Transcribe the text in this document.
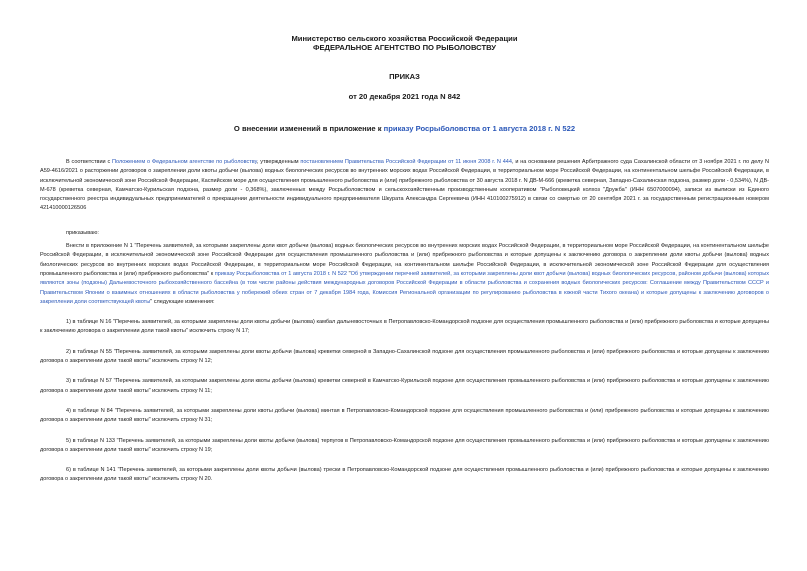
Министерство сельского хозяйства Российской Федерации
ФЕДЕРАЛЬНОЕ АГЕНТСТВО ПО РЫБОЛОВСТВУ
ПРИКАЗ
от 20 декабря 2021 года N 842
О внесении изменений в приложение к приказу Росрыболовства от 1 августа 2018 г. N 522

В соответствии с Положением о Федеральном агентстве по рыболовству, утвержденным постановлением Правительства Российской Федерации от 11 июня 2008 г. N 444, и на основании решения Арбитражного суда Сахалинской области от 3 ноября 2021 г. по делу N А59-4616/2021 о расторжении договоров о закреплении доли квоты добычи (вылова) водных биологических ресурсов во внутренних морских водах Российской Федерации, в территориальном море Российской Федерации, на континентальном шельфе Российской Федерации, в исключительной экономической зоне Российской Федерации, Каспийском море для осуществления промышленного рыболовства и (или) прибрежного рыболовства от 30 августа 2018 г. N ДВ-М-666 (креветка северная, Западно-Сахалинская подзона, размер доли - 0,534%), N ДВ-М-678 (креветка северная, Камчатско-Курильская подзона, размер доли - 0,368%), заключенных между Росрыболовством и сельскохозяйственным производственным кооперативом "Рыболовецкий колхоз "Дружба" (ИНН 6507000094), записи из выписки из Единого государственного реестра индивидуальных предпринимателей о прекращении деятельности индивидуального предпринимателя Шкурата Александра Сергеевича (ИНН 410100275912) в связи со смертью от 20 сентября 2021 г. за государственным регистрационным номером 421410000126506

приказываю:

Внести в приложение N 1 "Перечень заявителей, за которыми закреплены доли квот добычи (вылова) водных биологических ресурсов во внутренних морских водах Российской Федерации, в территориальном море Российской Федерации, на континентальном шельфе Российской Федерации, в исключительной экономической зоне Российской Федерации для осуществления промышленного рыболовства и (или) прибрежного рыболовства и которые допущены к заключению договора о закреплении доли квоты добычи (вылова) водных биологических ресурсов во внутренних морских водах Российской Федерации, в территориальном море Российской Федерации, на континентальном шельфе Российской Федерации, в исключительной экономической зоне Российской Федерации для осуществления промышленного рыболовства и (или) прибрежного рыболовства" к приказу Росрыболовства от 1 августа 2018 г. N 522 "Об утверждении перечней заявителей, за которыми закреплены доли квот добычи (вылова) водных биологических ресурсов, районом добычи (вылова) которых являются зоны (подзоны) Дальневосточного рыбохозяйственного бассейна (в том числе районы действия международных договоров Российской Федерации в области рыболовства и сохранения водных биологических ресурсов: Соглашение между Правительством СССР и Правительством Японии о взаимных отношениях в области рыболовства у побережий обеих стран от 7 декабря 1984 года, Комиссия Региональной организации по регулированию рыболовства в южной части Тихого океана) и которые допущены к заключению договоров о закреплении доли соответствующей квоты" следующие изменения:

1) в таблице N 16 "Перечень заявителей, за которыми закреплены доли квоты добычи (вылова) камбал дальневосточных в Петропавловско-Командорской подзоне для осуществления промышленного рыболовства и (или) прибрежного рыболовства и которые допущены к заключению договора о закреплении доли такой квоты" исключить строку N 17;

2) в таблице N 55 "Перечень заявителей, за которыми закреплены доли квоты добычи (вылова) креветки северной в Западно-Сахалинской подзоне для осуществления промышленного рыболовства и (или) прибрежного рыболовства и которые допущены к заключению договора о закреплении доли такой квоты" исключить строку N 12;

3) в таблице N 57 "Перечень заявителей, за которыми закреплены доли квоты добычи (вылова) креветки северной в Камчатско-Курильской подзоне для осуществления промышленного рыболовства и (или) прибрежного рыболовства и которые допущены к заключению договора о закреплении доли такой квоты" исключить строку N 11;

4) в таблице N 84 "Перечень заявителей, за которыми закреплены доли квоты добычи (вылова) минтая в Петропавловско-Командорской подзоне для осуществления промышленного рыболовства и (или) прибрежного рыболовства и которые допущены к заключению договора о закреплении доли такой квоты" исключить строку N 31;

5) в таблице N 133 "Перечень заявителей, за которыми закреплены доли квоты добычи (вылова) терпугов в Петропавловско-Командорской подзоне для осуществления промышленного рыболовства и (или) прибрежного рыболовства и которые допущены к заключению договора о закреплении доли такой квоты" исключить строку N 19;

6) в таблице N 141 "Перечень заявителей, за которыми закреплены доли квоты добычи (вылова) трески в Петропавловско-Командорской подзоне для осуществления промышленного рыболовства и (или) прибрежного рыболовства и которые допущены к заключению договора о закреплении доли такой квоты" исключить строку N 20.
